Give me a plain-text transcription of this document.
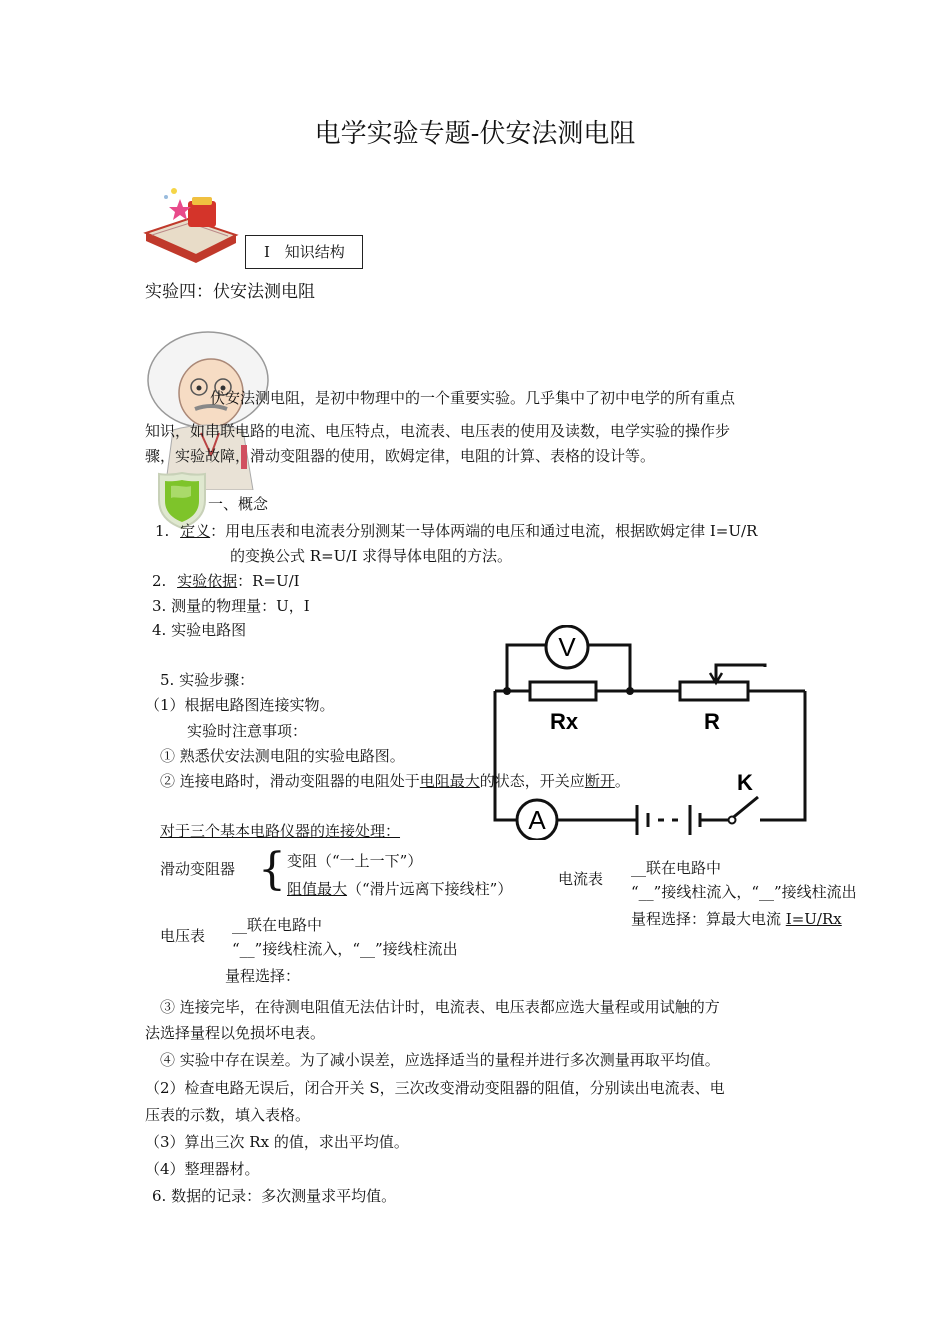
电学实验专题-伏安法测电阻
Ⅰ 知识结构
实验四：伏安法测电阻
伏安法测电阻，是初中物理中的一个重要实验。几乎集中了初中电学的所有重点
知识，如串联电路的电流、电压特点，电流表、电压表的使用及读数，电学实验的操作步
骤，实验故障，滑动变阻器的使用，欧姆定律，电阻的计算、表格的设计等。
一、概念
1. 定义：用电压表和电流表分别测某一导体两端的电压和通过电流，根据欧姆定律 I=U/R
的变换公式 R=U/I 求得导体电阻的方法。
2. 实验依据：R=U/I
3. 测量的物理量：U，I
4. 实验电路图
V
A
Rx	R
K
5. 实验步骤：
（1）根据电路图连接实物。
实验时注意事项：
① 熟悉伏安法测电阻的实验电路图。
② 连接电路时，滑动变阻器的电阻处于电阻最大的状态，开关应断开。
对于三个基本电路仪器的连接处理：
滑动变阻器 { 变阻（“一上一下”）
阻值最大（“滑片远离下接线柱”）
电流表
__联在电路中
“__”接线柱流入，“__”接线柱流出
量程选择：算最大电流 I=U/Rx
电压表
__联在电路中
“__”接线柱流入，“__”接线柱流出
量程选择：
③ 连接完毕，在待测电阻值无法估计时，电流表、电压表都应选大量程或用试触的方
法选择量程以免损坏电表。
④ 实验中存在误差。为了减小误差，应选择适当的量程并进行多次测量再取平均值。
（2）检查电路无误后，闭合开关 S，三次改变滑动变阻器的阻值，分别读出电流表、电
压表的示数，填入表格。
（3）算出三次 Rx 的值，求出平均值。
（4）整理器材。
6. 数据的记录：多次测量求平均值。
